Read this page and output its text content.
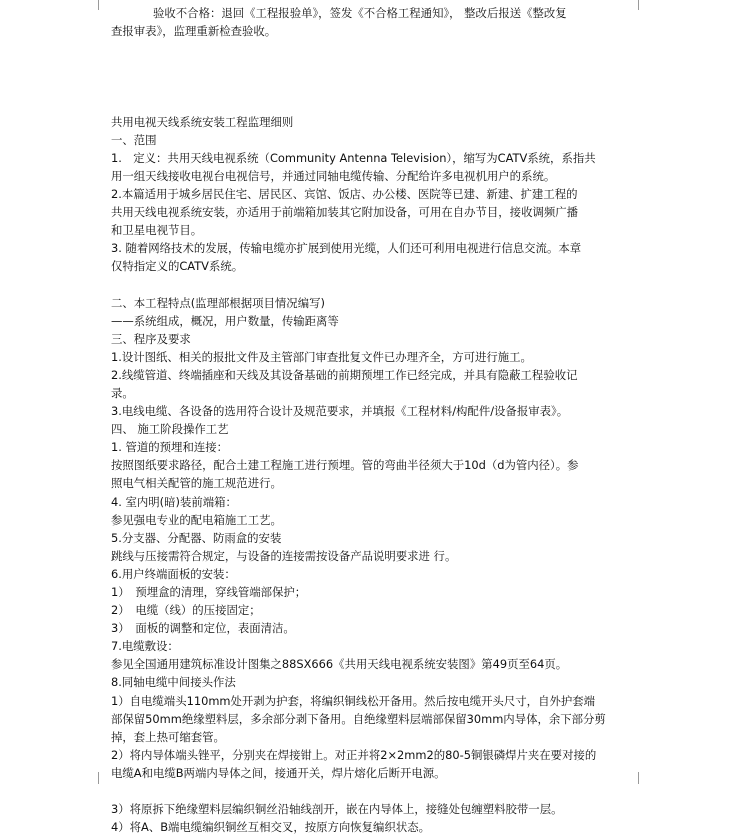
验收不合格：退回《工程报验单》，签发《不合格工程通知》， 整改后报送《整改复
查报审表》，监理重新检查验收。
共用电视天线系统安装工程监理细则
一、范围
1.　定义：共用天线电视系统（Community Antenna Television），缩写为CATV系统，系指共
用一组天线接收电视台电视信号，并通过同轴电缆传输、分配给许多电视机用户的系统。
2.本篇适用于城乡居民住宅、居民区、宾馆、饭店、办公楼、医院等已建、新建、扩建工程的
共用天线电视系统安装，亦适用于前端箱加装其它附加设备，可用在自办节目，接收调频广播
和卫星电视节目。
3. 随着网络技术的发展，传输电缆亦扩展到使用光缆，人们还可利用电视进行信息交流。本章
仅特指定义的CATV系统。
二、本工程特点(监理部根据项目情况编写)
——系统组成，概况，用户数量，传输距离等
三、程序及要求
1.设计图纸、相关的报批文件及主管部门审查批复文件已办理齐全，方可进行施工。
2.线缆管道、终端插座和天线及其设备基础的前期预埋工作已经完成，并具有隐蔽工程验收记
录。
3.电线电缆、各设备的选用符合设计及规范要求，并填报《工程材料/构配件/设备报审表》。
四、 施工阶段操作工艺
1. 管道的预埋和连接：
按照图纸要求路径，配合土建工程施工进行预埋。管的弯曲半径须大于10d（d为管内径）。参
照电气相关配管的施工规范进行。
4. 室内明(暗)装前端箱：
参见强电专业的配电箱施工工艺。
5.分支器、分配器、防雨盒的安装
跳线与压接需符合规定，与设备的连接需按设备产品说明要求进 行。
6.用户终端面板的安装：
1）　预埋盒的清理，穿线管端部保护；
2）　电缆（线）的压接固定；
3）　面板的调整和定位，表面清洁。
7.电缆敷设：
参见全国通用建筑标准设计图集之88SX666《共用天线电视系统安装图》第49页至64页。
8.同轴电缆中间接头作法
1）自电缆端头110mm处开剥为护套，将编织铜线松开备用。然后按电缆开头尺寸，自外护套端
部保留50mm绝缘塑料层，多余部分剥下备用。自绝缘塑料层端部保留30mm内导体，余下部分剪
掉，套上热可缩套管。
2）将内导体端头锉平，分别夹在焊接钳上。对正并将2×2mm2的80-5铜银磷焊片夹在要对接的
电缆A和电缆B两端内导体之间，接通开关，焊片熔化后断开电源。
3）将原拆下绝缘塑料层编织铜丝沿轴线剖开，嵌在内导体上，接缝处包缠塑料胶带一层。
4）将A、B端电缆编织铜丝互相交叉，按原方向恢复编织状态。
